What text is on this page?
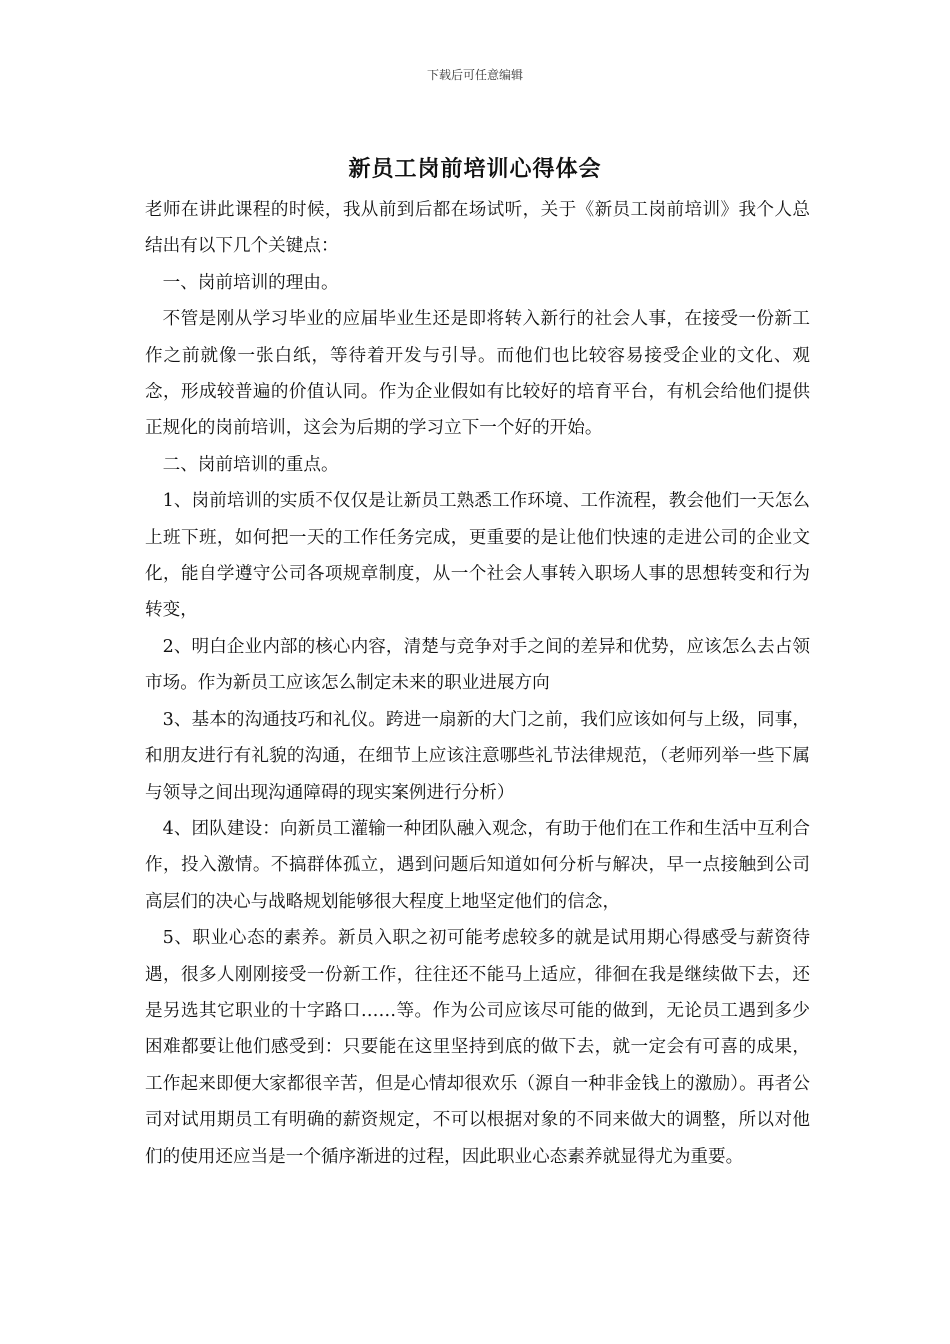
下载后可任意编辑
新员工岗前培训心得体会

老师在讲此课程的时候，我从前到后都在场试听，关于《新员工岗前培训》我个人总结出有以下几个关键点：

一、岗前培训的理由。

不管是刚从学习毕业的应届毕业生还是即将转入新行的社会人事，在接受一份新工作之前就像一张白纸，等待着开发与引导。而他们也比较容易接受企业的文化、观念，形成较普遍的价值认同。作为企业假如有比较好的培育平台，有机会给他们提供正规化的岗前培训，这会为后期的学习立下一个好的开始。

二、岗前培训的重点。

1、岗前培训的实质不仅仅是让新员工熟悉工作环境、工作流程，教会他们一天怎么上班下班，如何把一天的工作任务完成，更重要的是让他们快速的走进公司的企业文化，能自学遵守公司各项规章制度，从一个社会人事转入职场人事的思想转变和行为转变，

2、明白企业内部的核心内容，清楚与竞争对手之间的差异和优势，应该怎么去占领市场。作为新员工应该怎么制定未来的职业进展方向

3、基本的沟通技巧和礼仪。跨进一扇新的大门之前，我们应该如何与上级，同事，和朋友进行有礼貌的沟通，在细节上应该注意哪些礼节法律规范，（老师列举一些下属与领导之间出现沟通障碍的现实案例进行分析）

4、团队建设：向新员工灌输一种团队融入观念，有助于他们在工作和生活中互利合作，投入激情。不搞群体孤立，遇到问题后知道如何分析与解决，早一点接触到公司高层们的决心与战略规划能够很大程度上地坚定他们的信念，

5、职业心态的素养。新员入职之初可能考虑较多的就是试用期心得感受与薪资待遇，很多人刚刚接受一份新工作，往往还不能马上适应，徘徊在我是继续做下去，还是另选其它职业的十字路口……等。作为公司应该尽可能的做到，无论员工遇到多少困难都要让他们感受到：只要能在这里坚持到底的做下去，就一定会有可喜的成果，工作起来即便大家都很辛苦，但是心情却很欢乐（源自一种非金钱上的激励）。再者公司对试用期员工有明确的薪资规定，不可以根据对象的不同来做大的调整，所以对他们的使用还应当是一个循序渐进的过程，因此职业心态素养就显得尤为重要。
